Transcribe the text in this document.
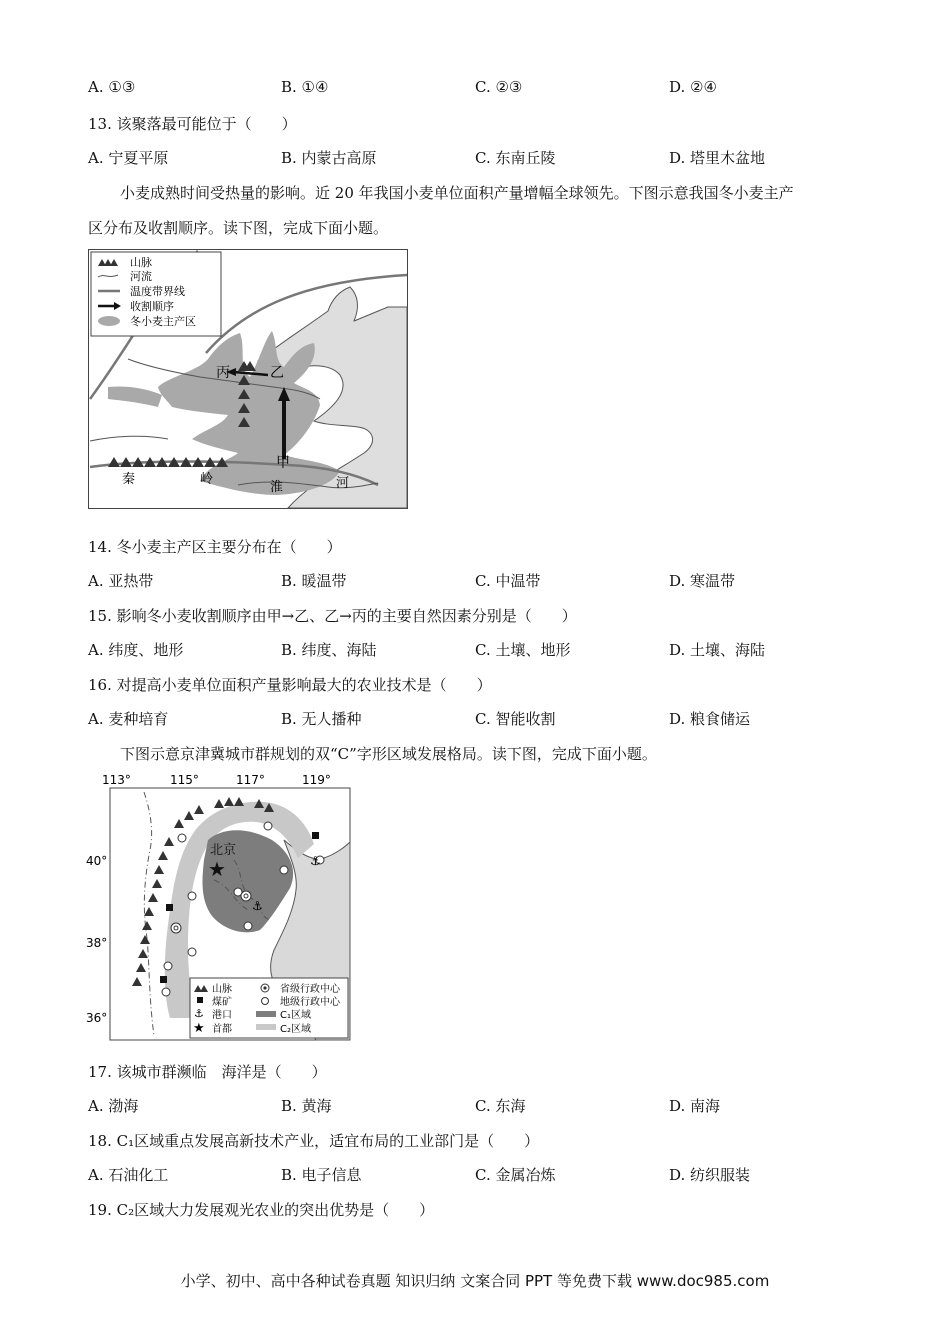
A. ①③	B. ①④	C. ②③	D. ②④
13. 该聚落最可能位于（　　）
A. 宁夏平原	B. 内蒙古高原	C. 东南丘陵	D. 塔里木盆地
小麦成熟时间受热量的影响。近 20 年我国小麦单位面积产量增幅全球领先。下图示意我国冬小麦主产
区分布及收割顺序。读下图，完成下面小题。
丙	乙
甲
秦	岭
淮	河
山脉
河流
温度带界线
收割顺序
冬小麦主产区
14. 冬小麦主产区主要分布在（　　）
A. 亚热带	B. 暖温带	C. 中温带	D. 寒温带
15. 影响冬小麦收割顺序由甲→乙、乙→丙的主要自然因素分别是（　　）
A. 纬度、地形	B. 纬度、海陆	C. 土壤、地形	D. 土壤、海陆
16. 对提高小麦单位面积产量影响最大的农业技术是（　　）
A. 麦种培育	B. 无人播种	C. 智能收割	D. 粮食储运
下图示意京津冀城市群规划的双“C”字形区域发展格局。读下图，完成下面小题。
113°	115°	117°	119°
40°
38°
36°
⚓
⚓
★
北京
⚓
★
山脉	省级行政中心
煤矿	地级行政中心
港口	C₁区域
首都	C₂区域
17. 该城市群濒临　海洋是（　　）
A. 渤海	B. 黄海	C. 东海	D. 南海
18. C₁区域重点发展高新技术产业，适宜布局的工业部门是（　　）
A. 石油化工	B. 电子信息	C. 金属冶炼	D. 纺织服装
19. C₂区域大力发展观光农业的突出优势是（　　）
小学、初中、高中各种试卷真题 知识归纳 文案合同 PPT 等免费下载 www.doc985.com
